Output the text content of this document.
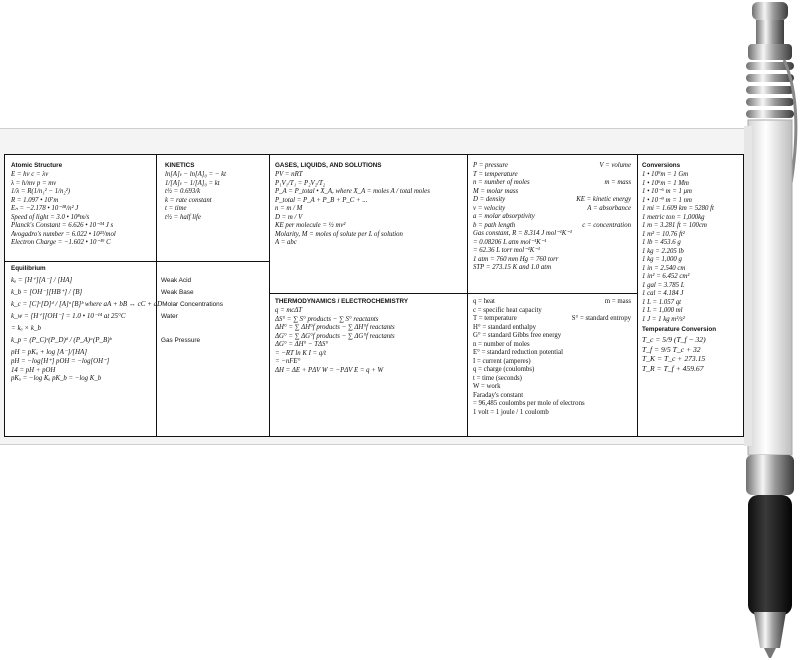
Atomic Structure
E = hν c = λν
λ = h/mv p = mv
1/λ = R(1/n₁² − 1/n₂²)
R = 1.097 • 10⁷m
Eₙ = −2.178 • 10⁻¹⁸/n² J
Speed of light = 3.0 • 10⁸m/s
Planck's Constant = 6.626 • 10⁻³⁴ J s
Avogadro's number = 6.022 • 10²³/mol
Electron Charge = −1.602 • 10⁻¹⁹ C
KINETICS
ln[A]ₜ − ln[A]₀ = − kt
1/[A]ₜ − 1/[A]₀ = kt
t½ = 0.693/k
k = rate constant
t = time
t½ = half life
Equilibrium
kₐ = [H⁺][A⁻] / [HA]	Weak Acid
k_b = [OH⁻][HB⁺] / [B]	Weak Base
k_c = [C]ᶜ[D]ᵈ / [A]ᵃ[B]ᵇ where aA + bB ↔ cC + dD Molar Concentrations
k_w = [H⁺][OH⁻] = 1.0 • 10⁻¹⁴ at 25°C	Water
= kₐ × k_b
k_p = (P_C)ᶜ(P_D)ᵈ / (P_A)ᵃ(P_B)ᵇ	Gas Pressure
pH = pKₐ + log [A⁻]/[HA]
pH = −log[H⁺] pOH = −log[OH⁻]
14 = pH + pOH
pKₐ = −log Kₐ pK_b = −log K_b
GASES, LIQUIDS, AND SOLUTIONS
PV = nRT
P₁V₁/T₁ = P₂V₂/T₂
P_A = P_total • X_A, where X_A = moles A / total moles
P_total = P_A + P_B + P_C + ...
n = m / M
D = m / V
KE per molecule = ½ mv²
Molarity, M = moles of solute per L of solution
A = abc
THERMODYNAMICS / ELECTROCHEMISTRY
q = mcΔT
ΔS° = ∑ S° products − ∑ S° reactants
ΔH° = ∑ ΔH°f products − ∑ ΔH°f reactants
ΔG° = ∑ ΔG°f products − ∑ ΔG°f reactants
ΔG° = ΔH° − TΔS°
= −RT ln K I = q/t
= −nFE°
ΔH = ΔE + PΔV W = −PΔV E = q + W
P = pressure	V = volume
T = temperature
n = number of moles	m = mass
M = molar mass
D = density	KE = kinetic energy
v = velocity	A = absorbance
a = molar absorptivity
b = path length	c = concentration
Gas constant, R = 8.314 J mol⁻¹K⁻¹
= 0.08206 L atm mol⁻¹K⁻¹
= 62.36 L torr mol⁻¹K⁻¹
1 atm = 760 mm Hg = 760 torr
STP = 273.15 K and 1.0 atm
q = heat	m = mass
c = specific heat capacity
T = temperature	S° = standard entropy
H° = standard enthalpy
G° = standard Gibbs free energy
n = number of moles
E° = standard reduction potential
I = current (amperes)
q = charge (coulombs)
t = time (seconds)
W = work
Faraday's constant
= 96,485 coulombs per mole of electrons
1 volt = 1 joule / 1 coulomb
Conversions
1 • 10⁹m = 1 Gm
1 • 10⁶m = 1 Mm
1 • 10⁻⁶ m = 1 μm
1 • 10⁻⁹ m = 1 nm
1 mi = 1.609 km = 5280 ft
1 metric ton = 1,000kg
1 m = 3.281 ft = 100cm
1 m² = 10.76 ft²
1 lb = 453.6 g
1 kg = 2.205 lb
1 kg = 1,000 g
1 in = 2.540 cm
1 in² = 6.452 cm²
1 gal = 3.785 L
1 cal = 4.184 J
1 L = 1.057 qt
1 L = 1,000 ml
1 J = 1 kg m²/s²
Temperature Conversion
T_c = 5/9 (T_f − 32)
T_f = 9/5 T_c + 32
T_K = T_c + 273.15
T_R = T_f + 459.67
